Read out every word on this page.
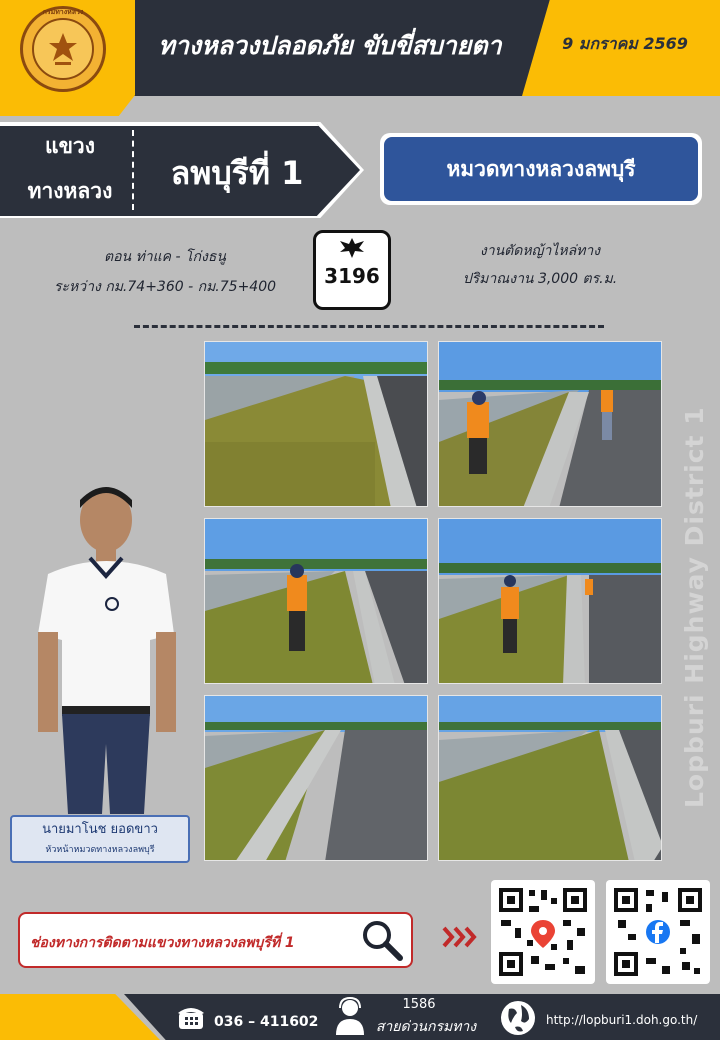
กรมทางหลวง
ทางหลวงปลอดภัย ขับขี่สบายตา	9 มกราคม 2569
แขวง
ทางหลวง	ลพบุรีที่ 1	หมวดทางหลวงลพบุรี
ตอน ท่าแค - โก่งธนู
ระหว่าง กม.74+360 - กม.75+400	3196
งานตัดหญ้าไหล่ทาง
ปริมาณงาน 3,000 ตร.ม.
Lopburi Highway District 1
นายมาโนช ยอดขาว
หัวหน้าหมวดทางหลวงลพบุรี
ช่องทางการติดตามแขวงทางหลวงลพบุรีที่ 1
036 – 411602
1586
สายด่วนกรมทาง	http://lopburi1.doh.go.th/
